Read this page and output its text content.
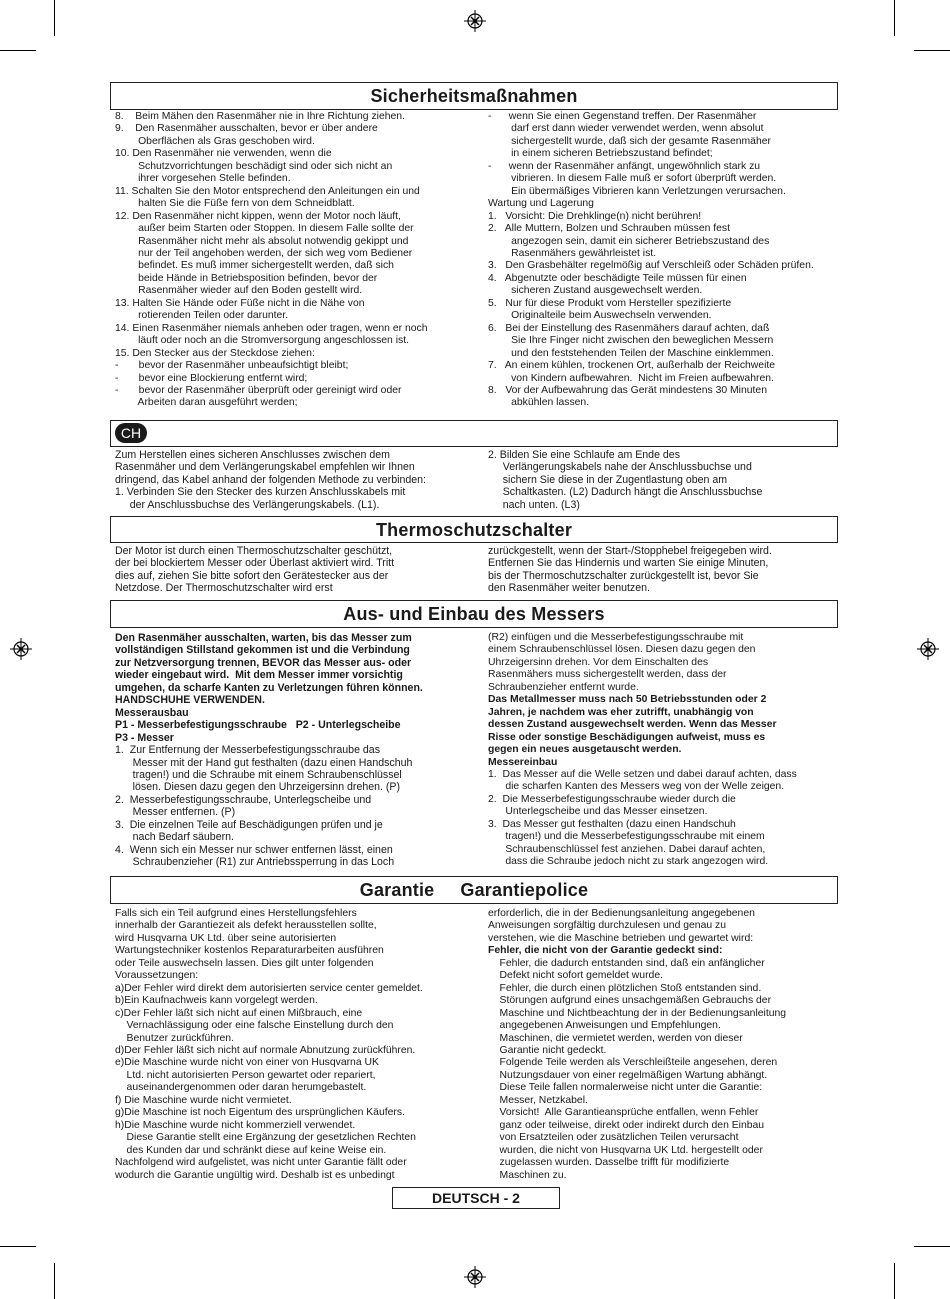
Sicherheitsmaßnahmen
8.    Beim Mähen den Rasenmäher nie in Ihre Richtung ziehen.
9.    Den Rasenmäher ausschalten, bevor er über andere
Oberflächen als Gras geschoben wird.
10. Den Rasenmäher nie verwenden, wenn die
Schutzvorrichtungen beschädigt sind oder sich nicht an
ihrer vorgesehen Stelle befinden.
11. Schalten Sie den Motor entsprechend den Anleitungen ein und
halten Sie die Füße fern von dem Schneidblatt.
12. Den Rasenmäher nicht kippen, wenn der Motor noch läuft,
außer beim Starten oder Stoppen. In diesem Falle sollte der
Rasenmäher nicht mehr als absolut notwendig gekippt und
nur der Teil angehoben werden, der sich weg vom Bediener
befindet. Es muß immer sichergestellt werden, daß sich
beide Hände in Betriebsposition befinden, bevor der
Rasenmäher wieder auf den Boden gestellt wird.
13. Halten Sie Hände oder Füße nicht in die Nähe von
rotierenden Teilen oder darunter.
14. Einen Rasenmäher niemals anheben oder tragen, wenn er noch
läuft oder noch an die Stromversorgung angeschlossen ist.
15. Den Stecker aus der Steckdose ziehen:
-       bevor der Rasenmäher unbeaufsichtigt bleibt;
-       bevor eine Blockierung entfernt wird;
-       bevor der Rasenmäher überprüft oder gereinigt wird oder
Arbeiten daran ausgeführt werden;
-      wenn Sie einen Gegenstand treffen. Der Rasenmäher
darf erst dann wieder verwendet werden, wenn absolut
sichergestellt wurde, daß sich der gesamte Rasenmäher
in einem sicheren Betriebszustand befindet;
-      wenn der Rasenmäher anfängt, ungewöhnlich stark zu
vibrieren. In diesem Falle muß er sofort überprüft werden.
Ein übermäßiges Vibrieren kann Verletzungen verursachen.
Wartung und Lagerung
1.   Vorsicht: Die Drehklinge(n) nicht berühren!
2.   Alle Muttern, Bolzen und Schrauben müssen fest
angezogen sein, damit ein sicherer Betriebszustand des
Rasenmähers gewährleistet ist.
3.   Den Grasbehälter regelmößig auf Verschleiß oder Schäden prüfen.
4.   Abgenutzte oder beschädigte Teile müssen für einen
sicheren Zustand ausgewechselt werden.
5.   Nur für diese Produkt vom Hersteller spezifizierte
Originalteile beim Auswechseln verwenden.
6.   Bei der Einstellung des Rasenmähers darauf achten, daß
Sie Ihre Finger nicht zwischen den beweglichen Messern
und den feststehenden Teilen der Maschine einklemmen.
7.   An einem kühlen, trockenen Ort, außerhalb der Reichweite
von Kindern aufbewahren.  Nicht im Freien aufbewahren.
8.   Vor der Aufbewahrung das Gerät mindestens 30 Minuten
abkühlen lassen.
CH
Zum Herstellen eines sicheren Anschlusses zwischen dem
Rasenmäher und dem Verlängerungskabel empfehlen wir Ihnen
dringend, das Kabel anhand der folgenden Methode zu verbinden:
1. Verbinden Sie den Stecker des kurzen Anschlusskabels mit
der Anschlussbuchse des Verlängerungskabels. (L1).
2. Bilden Sie eine Schlaufe am Ende des
Verlängerungskabels nahe der Anschlussbuchse und
sichern Sie diese in der Zugentlastung oben am
Schaltkasten. (L2) Dadurch hängt die Anschlussbuchse
nach unten. (L3)
Thermoschutzschalter
Der Motor ist durch einen Thermoschutzschalter geschützt,
der bei blockiertem Messer oder Überlast aktiviert wird. Tritt
dies auf, ziehen Sie bitte sofort den Gerätestecker aus der
Netzdose. Der Thermoschutzschalter wird erst
zurückgestellt, wenn der Start-/Stopphebel freigegeben wird.
Entfernen Sie das Hindernis und warten Sie einige Minuten,
bis der Thermoschutzschalter zurückgestellt ist, bevor Sie
den Rasenmäher weiter benutzen.
Aus- und Einbau des Messers
Den Rasenmäher ausschalten, warten, bis das Messer zum
vollständigen Stillstand gekommen ist und die Verbindung
zur Netzversorgung trennen, BEVOR das Messer aus- oder
wieder eingebaut wird.  Mit dem Messer immer vorsichtig
umgehen, da scharfe Kanten zu Verletzungen führen können.
HANDSCHUHE VERWENDEN.
Messerausbau
P1 - Messerbefestigungsschraube   P2 - Unterlegscheibe
P3 - Messer
1.  Zur Entfernung der Messerbefestigungsschraube das
Messer mit der Hand gut festhalten (dazu einen Handschuh
tragen!) und die Schraube mit einem Schraubenschlüssel
lösen. Diesen dazu gegen den Uhrzeigersinn drehen. (P)
2.  Messerbefestigungsschraube, Unterlegscheibe und
Messer entfernen. (P)
3.  Die einzelnen Teile auf Beschädigungen prüfen und je
nach Bedarf säubern.
4.  Wenn sich ein Messer nur schwer entfernen lässt, einen
Schraubenzieher (R1) zur Antriebssperrung in das Loch
(R2) einfügen und die Messerbefestigungsschraube mit
einem Schraubenschlüssel lösen. Diesen dazu gegen den
Uhrzeigersinn drehen. Vor dem Einschalten des
Rasenmähers muss sichergestellt werden, dass der
Schraubenzieher entfernt wurde.
Das Metallmesser muss nach 50 Betriebsstunden oder 2
Jahren, je nachdem was eher zutrifft, unabhängig von
dessen Zustand ausgewechselt werden. Wenn das Messer
Risse oder sonstige Beschädigungen aufweist, muss es
gegen ein neues ausgetauscht werden.
Messereinbau
1.  Das Messer auf die Welle setzen und dabei darauf achten, dass
die scharfen Kanten des Messers weg von der Welle zeigen.
2.  Die Messerbefestigungsschraube wieder durch die
Unterlegscheibe und das Messer einsetzen.
3.  Das Messer gut festhalten (dazu einen Handschuh
tragen!) und die Messerbefestigungsschraube mit einem
Schraubenschlüssel fest anziehen. Dabei darauf achten,
dass die Schraube jedoch nicht zu stark angezogen wird.
Garantie     Garantiepolice
Falls sich ein Teil aufgrund eines Herstellungsfehlers
innerhalb der Garantiezeit als defekt herausstellen sollte,
wird Husqvarna UK Ltd. über seine autorisierten
Wartungstechniker kostenlos Reparaturarbeiten ausführen
oder Teile auswechseln lassen. Dies gilt unter folgenden
Voraussetzungen:
a)Der Fehler wird direkt dem autorisierten service center gemeldet.
b)Ein Kaufnachweis kann vorgelegt werden.
c)Der Fehler läßt sich nicht auf einen Mißbrauch, eine
Vernachlässigung oder eine falsche Einstellung durch den
Benutzer zurückführen.
d)Der Fehler läßt sich nicht auf normale Abnutzung zurückführen.
e)Die Maschine wurde nicht von einer von Husqvarna UK
Ltd. nicht autorisierten Person gewartet oder repariert,
auseinandergenommen oder daran herumgebastelt.
f) Die Maschine wurde nicht vermietet.
g)Die Maschine ist noch Eigentum des ursprünglichen Käufers.
h)Die Maschine wurde nicht kommerziell verwendet.
Diese Garantie stellt eine Ergänzung der gesetzlichen Rechten
des Kunden dar und schränkt diese auf keine Weise ein.
Nachfolgend wird aufgelistet, was nicht unter Garantie fällt oder
wodurch die Garantie ungültig wird. Deshalb ist es unbedingt
erforderlich, die in der Bedienungsanleitung angegebenen
Anweisungen sorgfältig durchzulesen und genau zu
verstehen, wie die Maschine betrieben und gewartet wird:
Fehler, die nicht von der Garantie gedeckt sind:
Fehler, die dadurch entstanden sind, daß ein anfänglicher
Defekt nicht sofort gemeldet wurde.
Fehler, die durch einen plötzlichen Stoß entstanden sind.
Störungen aufgrund eines unsachgemäßen Gebrauchs der
Maschine und Nichtbeachtung der in der Bedienungsanleitung
angegebenen Anweisungen und Empfehlungen.
Maschinen, die vermietet werden, werden von dieser
Garantie nicht gedeckt.
Folgende Teile werden als Verschleißteile angesehen, deren
Nutzungsdauer von einer regelmäßigen Wartung abhängt.
Diese Teile fallen normalerweise nicht unter die Garantie:
Messer, Netzkabel.
Vorsicht!  Alle Garantieansprüche entfallen, wenn Fehler
ganz oder teilweise, direkt oder indirekt durch den Einbau
von Ersatzteilen oder zusätzlichen Teilen verursacht
wurden, die nicht von Husqvarna UK Ltd. hergestellt oder
zugelassen wurden. Dasselbe trifft für modifizierte
Maschinen zu.
DEUTSCH - 2
